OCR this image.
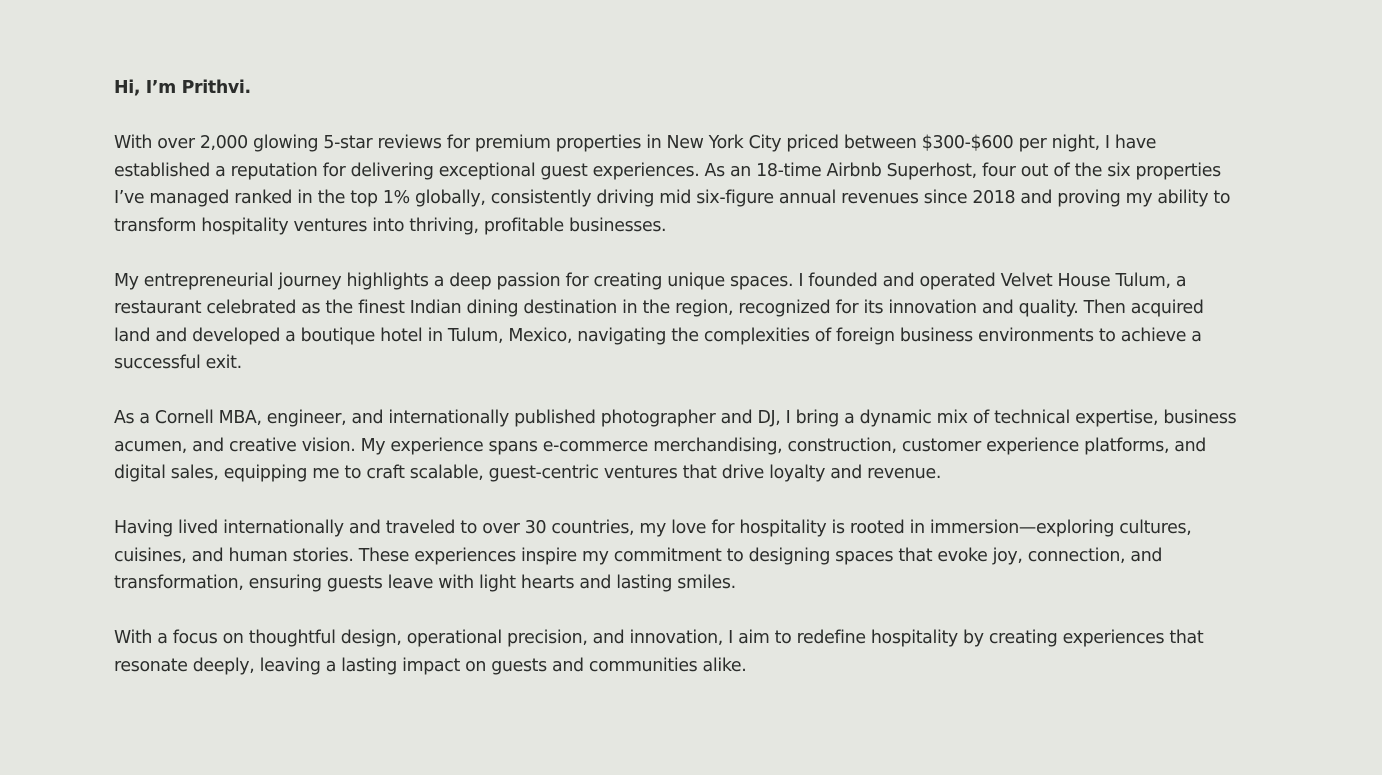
Hi, I’m Prithvi.

With over 2,000 glowing 5-star reviews for premium properties in New York City priced between $300-$600 per night, I have established a reputation for delivering exceptional guest experiences. As an 18-time Airbnb Superhost, four out of the six properties I’ve managed ranked in the top 1% globally, consistently driving mid six-figure annual revenues since 2018 and proving my ability to transform hospitality ventures into thriving, profitable businesses.

My entrepreneurial journey highlights a deep passion for creating unique spaces. I founded and operated Velvet House Tulum, a restaurant celebrated as the finest Indian dining destination in the region, recognized for its innovation and quality. Then acquired land and developed a boutique hotel in Tulum, Mexico, navigating the complexities of foreign business environments to achieve a successful exit.

As a Cornell MBA, engineer, and internationally published photographer and DJ, I bring a dynamic mix of technical expertise, business acumen, and creative vision. My experience spans e-commerce merchandising, construction, customer experience platforms, and digital sales, equipping me to craft scalable, guest-centric ventures that drive loyalty and revenue.

Having lived internationally and traveled to over 30 countries, my love for hospitality is rooted in immersion—exploring cultures, cuisines, and human stories. These experiences inspire my commitment to designing spaces that evoke joy, connection, and transformation, ensuring guests leave with light hearts and lasting smiles.

With a focus on thoughtful design, operational precision, and innovation, I aim to redefine hospitality by creating experiences that resonate deeply, leaving a lasting impact on guests and communities alike.
